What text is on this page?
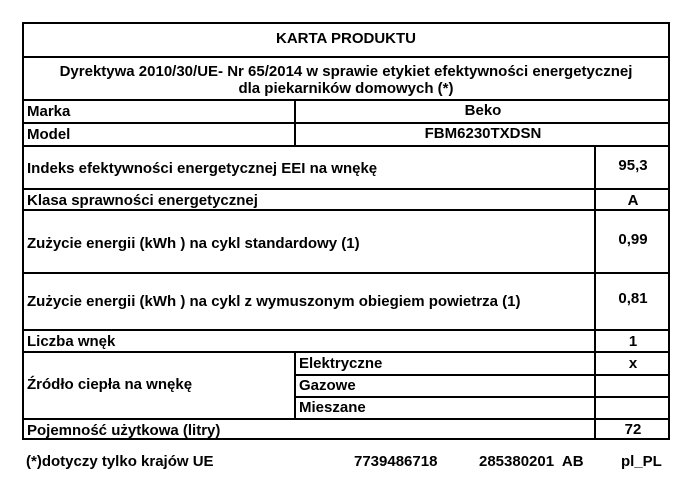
KARTA PRODUKTU
Dyrektywa 2010/30/UE- Nr 65/2014 w sprawie etykiet efektywności energetycznej
dla piekarników domowych (*)
Marka	Beko
Model	FBM6230TXDSN
Indeks efektywności energetycznej EEI na wnękę	95,3
Klasa sprawności energetycznej	A
Zużycie energii (kWh ) na cykl standardowy (1)	0,99
Zużycie energii (kWh ) na cykl z wymuszonym obiegiem powietrza (1)	0,81
Liczba wnęk	1
Źródło ciepła na wnękę
Elektryczne	x
Gazowe
Mieszane
Pojemność użytkowa (litry)	72
(*)dotyczy tylko krajów UE	7739486718	285380201  AB pl_PL
